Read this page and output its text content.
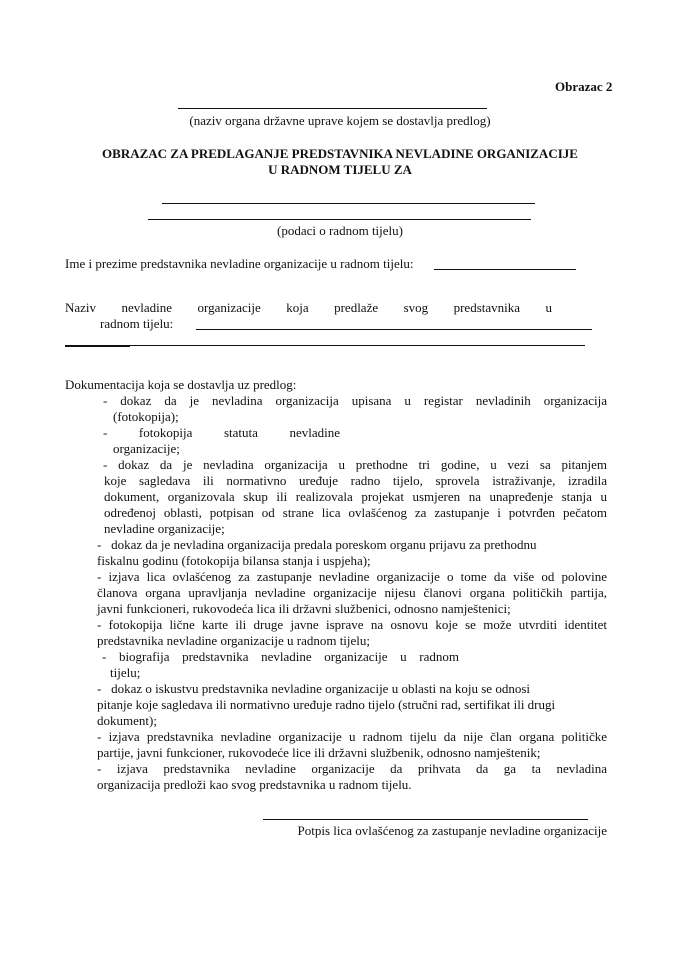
Obrazac 2
(naziv organa državne uprave kojem se dostavlja predlog)
OBRAZAC ZA PREDLAGANJE PREDSTAVNIKA NEVLADINE ORGANIZACIJE
U RADNOM TIJELU ZA
(podaci o radnom tijelu)
Ime i prezime predstavnika nevladine organizacije u radnom tijelu:
Naziv nevladine organizacije koja predlaže svog predstavnika u
radnom tijelu:
Dokumentacija koja se dostavlja uz predlog:
- dokaz da je nevladina organizacija upisana u registar nevladinih organizacija
(fotokopija);
- fotokopija statuta nevladine
organizacije;
- dokaz da je nevladina organizacija u prethodne tri godine, u vezi sa pitanjem
koje sagledava ili normativno uređuje radno tijelo, sprovela istraživanje, izradila
dokument, organizovala skup ili realizovala projekat usmjeren na unapređenje stanja u
određenoj oblasti, potpisan od strane lica ovlašćenog za zastupanje i potvrđen pečatom
nevladine organizacije;
-   dokaz da je nevladina organizacija predala poreskom organu prijavu za prethodnu
fiskalnu godinu (fotokopija bilansa stanja i uspjeha);
- izjava lica ovlašćenog za zastupanje nevladine organizacije o tome da više od polovine
članova organa upravljanja nevladine organizacije nijesu članovi organa političkih partija,
javni funkcioneri, rukovodeća lica ili državni službenici, odnosno namještenici;
- fotokopija lične karte ili druge javne isprave na osnovu koje se može utvrditi identitet
predstavnika nevladine organizacije u radnom tijelu;
- biografija predstavnika nevladine organizacije u radnom
tijelu;
-   dokaz o iskustvu predstavnika nevladine organizacije u oblasti na koju se odnosi
pitanje koje sagledava ili normativno uređuje radno tijelo (stručni rad, sertifikat ili drugi
dokument);
- izjava predstavnika nevladine organizacije u radnom tijelu da nije član organa političke
partije, javni funkcioner, rukovodeće lice ili državni službenik, odnosno namještenik;
- izjava predstavnika nevladine organizacije da prihvata da ga ta nevladina
organizacija predloži kao svog predstavnika u radnom tijelu.
Potpis lica ovlašćenog za zastupanje nevladine organizacije
